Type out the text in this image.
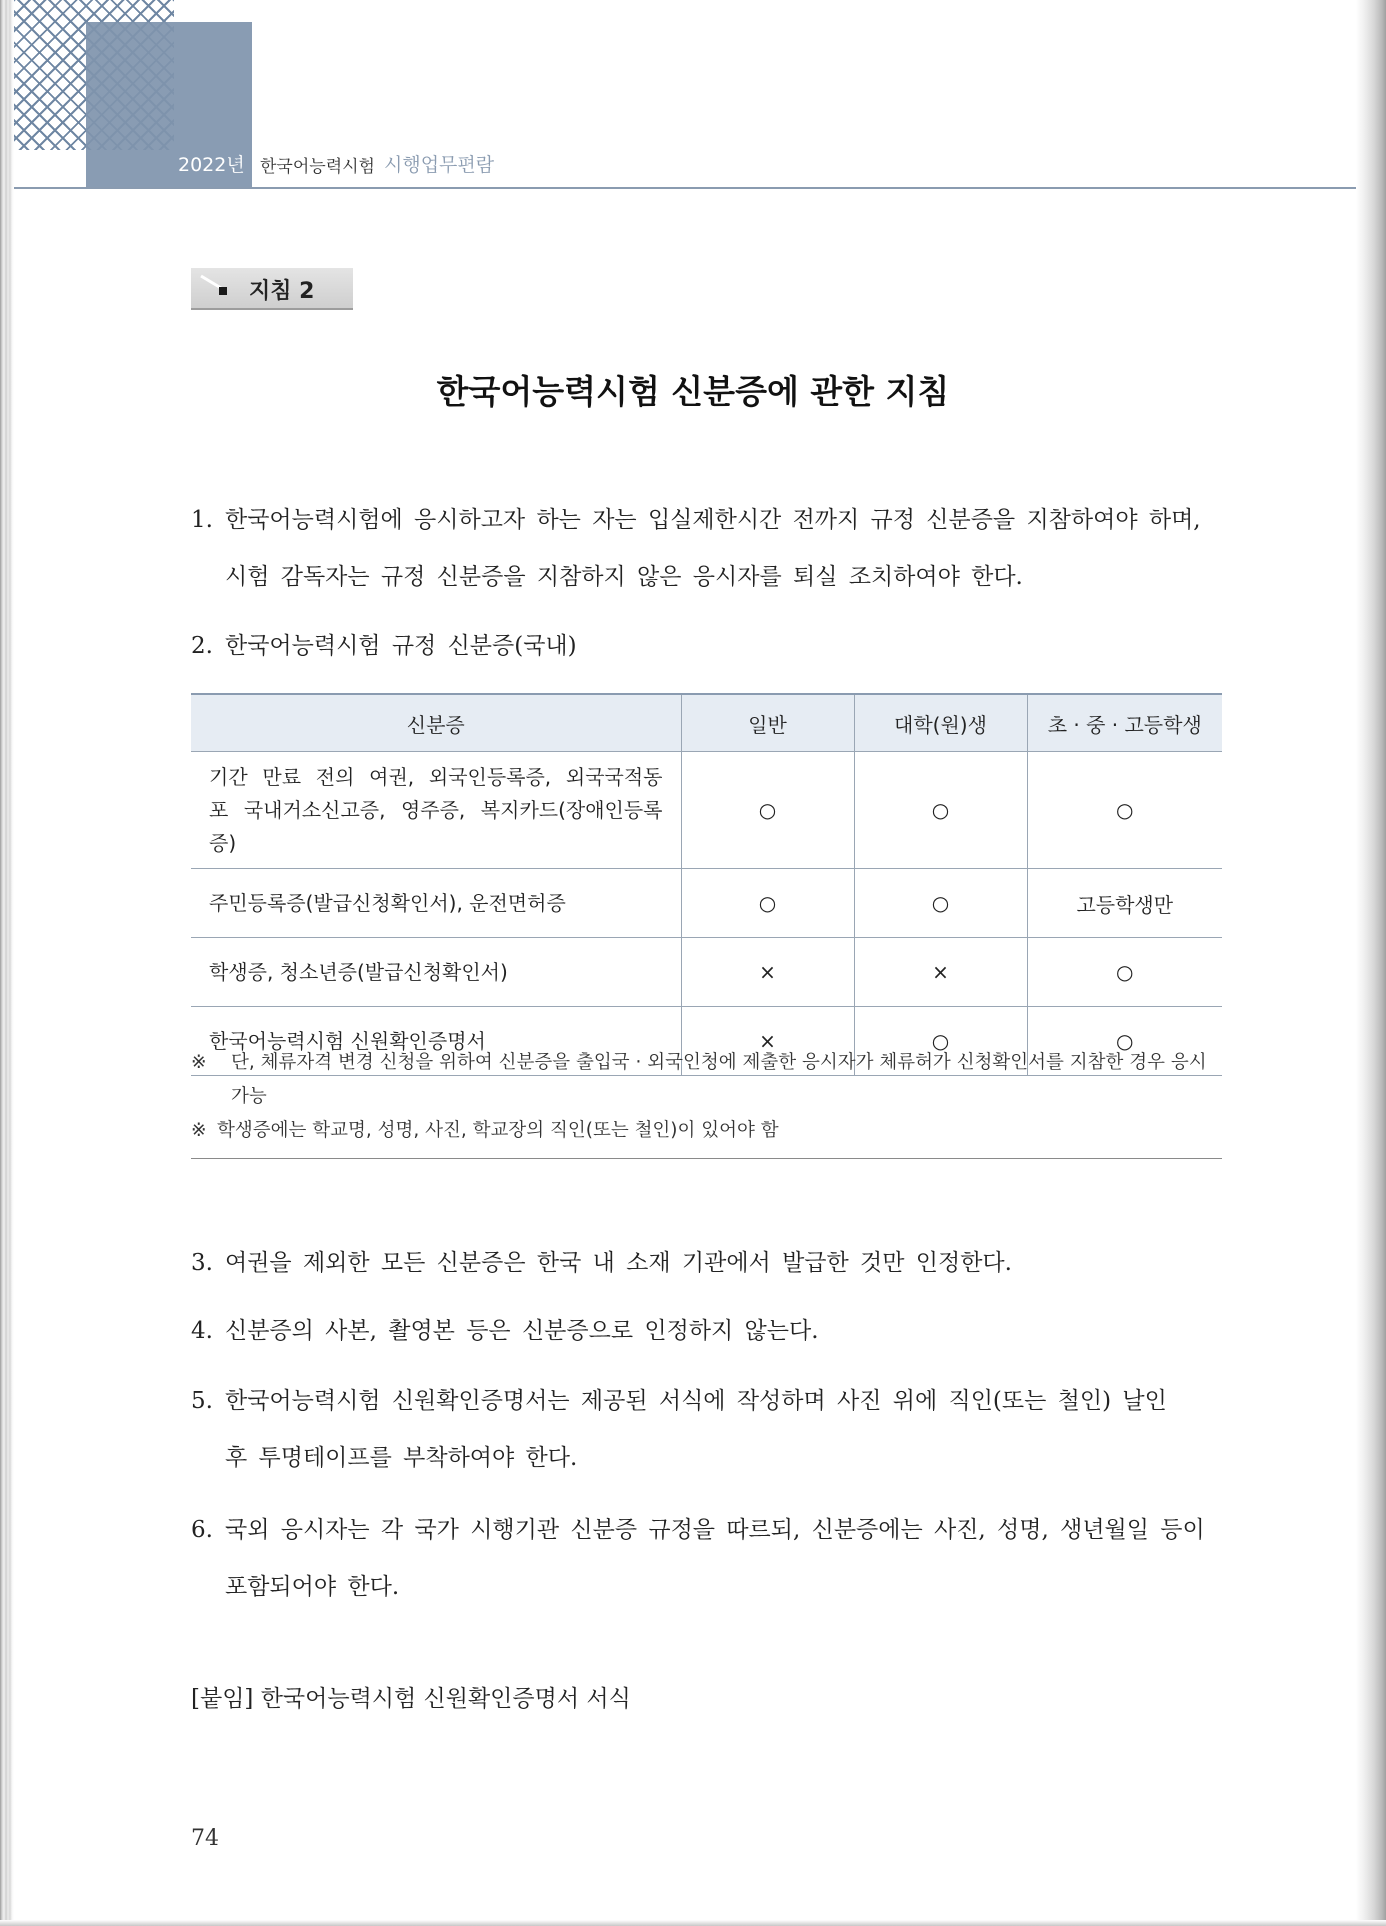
2022년 한국어능력시험 시행업무편람
지침 2
한국어능력시험 신분증에 관한 지침
1. 한국어능력시험에 응시하고자 하는 자는 입실제한시간 전까지 규정 신분증을 지참하여야 하며,
시험 감독자는 규정 신분증을 지참하지 않은 응시자를 퇴실 조치하여야 한다.
2. 한국어능력시험 규정 신분증(국내)
신분증	일반	대학(원)생	초 · 중 · 고등학생
기간 만료 전의 여권, 외국인등록증, 외국국적동포 국내거소신고증, 영주증, 복지카드(장애인등록증)	○	○	○
주민등록증(발급신청확인서), 운전면허증	○	○	고등학생만
학생증, 청소년증(발급신청확인서)	×	×	○
한국어능력시험 신원확인증명서	×	○	○
※ 단, 체류자격 변경 신청을 위하여 신분증을 출입국 · 외국인청에 제출한 응시자가 체류허가 신청확인서를 지참한 경우 응시 가능
※ 학생증에는 학교명, 성명, 사진, 학교장의 직인(또는 철인)이 있어야 함
3. 여권을 제외한 모든 신분증은 한국 내 소재 기관에서 발급한 것만 인정한다.
4. 신분증의 사본, 촬영본 등은 신분증으로 인정하지 않는다.
5. 한국어능력시험 신원확인증명서는 제공된 서식에 작성하며 사진 위에 직인(또는 철인) 날인
후 투명테이프를 부착하여야 한다.
6. 국외 응시자는 각 국가 시행기관 신분증 규정을 따르되, 신분증에는 사진, 성명, 생년월일 등이
포함되어야 한다.
[붙임] 한국어능력시험 신원확인증명서 서식
74
